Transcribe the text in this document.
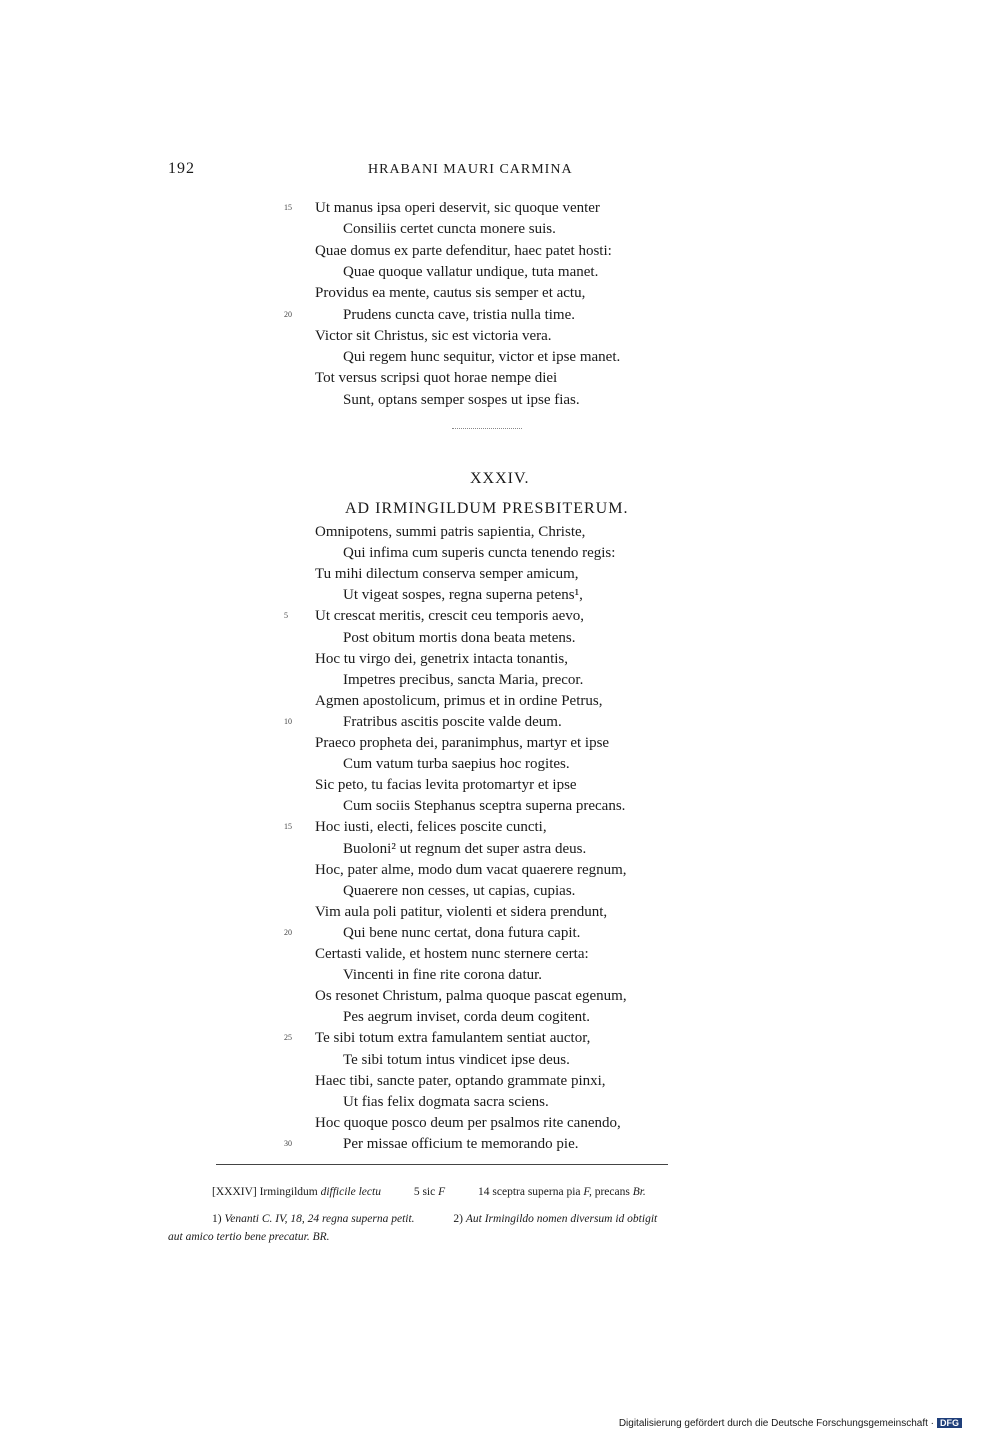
192	HRABANI MAURI CARMINA
Ut manus ipsa operi deservit, sic quoque venter
15
Consiliis certet cuncta monere suis.
Quae domus ex parte defenditur, haec patet hosti:
Quae quoque vallatur undique, tuta manet.
Providus ea mente, cautus sis semper et actu,
Prudens cuncta cave, tristia nulla time.
20
Victor sit Christus, sic est victoria vera.
Qui regem hunc sequitur, victor et ipse manet.
Tot versus scripsi quot horae nempe diei
Sunt, optans semper sospes ut ipse fias.
XXXIV.
AD IRMINGILDUM PRESBITERUM.
Omnipotens, summi patris sapientia, Christe,
Qui infima cum superis cuncta tenendo regis:
Tu mihi dilectum conserva semper amicum,
Ut vigeat sospes, regna superna petens¹,
Ut crescat meritis, crescit ceu temporis aevo,
5
Post obitum mortis dona beata metens.
Hoc tu virgo dei, genetrix intacta tonantis,
Impetres precibus, sancta Maria, precor.
Agmen apostolicum, primus et in ordine Petrus,
Fratribus ascitis poscite valde deum.
10
Praeco propheta dei, paranimphus, martyr et ipse
Cum vatum turba saepius hoc rogites.
Sic peto, tu facias levita protomartyr et ipse
Cum sociis Stephanus sceptra superna precans.
Hoc iusti, electi, felices poscite cuncti,
15
Buoloni² ut regnum det super astra deus.
Hoc, pater alme, modo dum vacat quaerere regnum,
Quaerere non cesses, ut capias, cupias.
Vim aula poli patitur, violenti et sidera prendunt,
Qui bene nunc certat, dona futura capit.
20
Certasti valide, et hostem nunc sternere certa:
Vincenti in fine rite corona datur.
Os resonet Christum, palma quoque pascat egenum,
Pes aegrum inviset, corda deum cogitent.
Te sibi totum extra famulantem sentiat auctor,
25
Te sibi totum intus vindicet ipse deus.
Haec tibi, sancte pater, optando grammate pinxi,
Ut fias felix dogmata sacra sciens.
Hoc quoque posco deum per psalmos rite canendo,
Per missae officium te memorando pie.
30
[XXXIV] Irmingildum difficile lectu	5 sic F	14 sceptra superna pia F, precans Br.
1) Venanti C. IV, 18, 24 regna superna petit.	2) Aut Irmingildo nomen diversum id obtigit
aut amico tertio bene precatur. BR.
Digitalisierung gefördert durch die Deutsche Forschungsgemeinschaft · DFG
